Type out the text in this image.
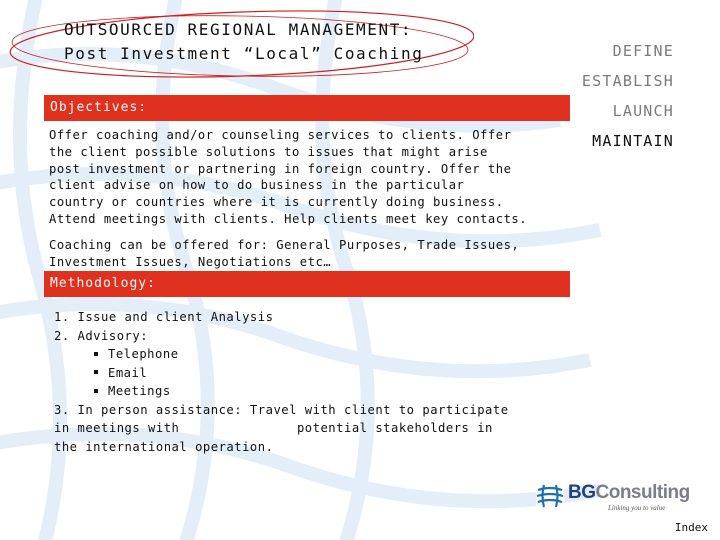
OUTSOURCED REGIONAL MANAGEMENT:
Post Investment “Local” Coaching	DEFINE
ESTABLISH
LAUNCH
MAINTAIN
Objectives:
Offer coaching and/or counseling services to clients. Offer
the client possible solutions to issues that might arise
post investment or partnering in foreign country. Offer the
client advise on how to do business in the particular
country or countries where it is currently doing business.
Attend meetings with clients. Help clients meet key contacts.
Coaching can be offered for: General Purposes, Trade Issues,
Investment Issues, Negotiations etc…
Methodology:
1. Issue and client Analysis
2. Advisory:
Telephone
Email
Meetings
3. In person assistance: Travel with client to participate
in meetings with               potential stakeholders in
the international operation.
BGConsulting
Linking you to value
Index
